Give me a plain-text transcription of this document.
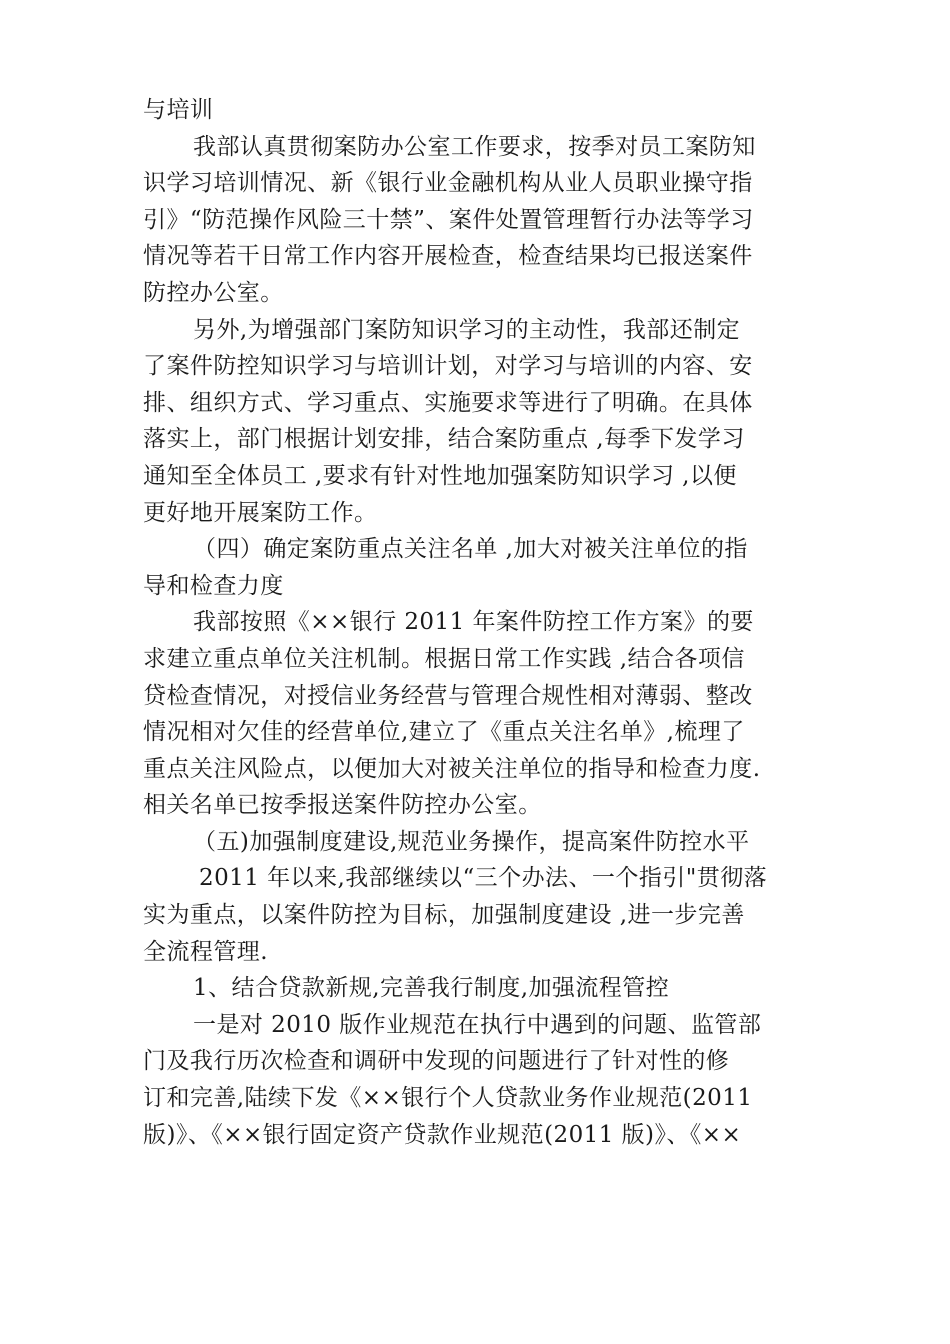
与培训
我部认真贯彻案防办公室工作要求，按季对员工案防知
识学习培训情况、新《银行业金融机构从业人员职业操守指
引》“防范操作风险三十禁”、案件处置管理暂行办法等学习
情况等若干日常工作内容开展检查，检查结果均已报送案件
防控办公室。
另外,为增强部门案防知识学习的主动性，我部还制定
了案件防控知识学习与培训计划，对学习与培训的内容、安
排、组织方式、学习重点、实施要求等进行了明确。在具体
落实上，部门根据计划安排，结合案防重点 ,每季下发学习
通知至全体员工 ,要求有针对性地加强案防知识学习 ,以便
更好地开展案防工作。
（四）确定案防重点关注名单 ,加大对被关注单位的指
导和检查力度
我部按照《××银行 2011 年案件防控工作方案》的要
求建立重点单位关注机制。根据日常工作实践 ,结合各项信
贷检查情况，对授信业务经营与管理合规性相对薄弱、整改
情况相对欠佳的经营单位,建立了《重点关注名单》,梳理了
重点关注风险点，以便加大对被关注单位的指导和检查力度.
相关名单已按季报送案件防控办公室。
（五)加强制度建设,规范业务操作，提高案件防控水平
2011 年以来,我部继续以“三个办法、一个指引"贯彻落
实为重点，以案件防控为目标，加强制度建设 ,进一步完善
全流程管理.
1、结合贷款新规,完善我行制度,加强流程管控
一是对 2010 版作业规范在执行中遇到的问题、监管部
门及我行历次检查和调研中发现的问题进行了针对性的修
订和完善,陆续下发《××银行个人贷款业务作业规范(2011
版)》、《××银行固定资产贷款作业规范(2011 版)》、《××
